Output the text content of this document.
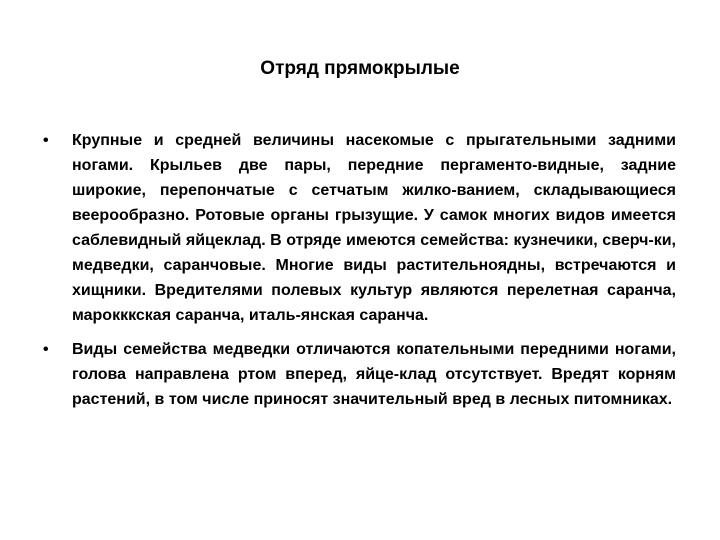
Отряд прямокрылые
• Крупные и средней величины насекомые с прыгательными задними ногами. Крыльев две пары, передние пергаменто-видные, задние широкие, перепончатые с сетчатым жилко-ванием, складывающиеся веерообразно. Ротовые органы грызущие. У самок многих видов имеется саблевидный яйцеклад. В отряде имеются семейства: кузнечики, сверч-ки, медведки, саранчовые. Многие виды растительноядны, встречаются и хищники. Вредителями полевых культур являются перелетная саранча, марокккская саранча, италь-янская саранча.
• Виды семейства медведки отличаются копательными передними ногами, голова направлена ртом вперед, яйце-клад отсутствует. Вредят корням растений, в том числе приносят значительный вред в лесных питомниках.
